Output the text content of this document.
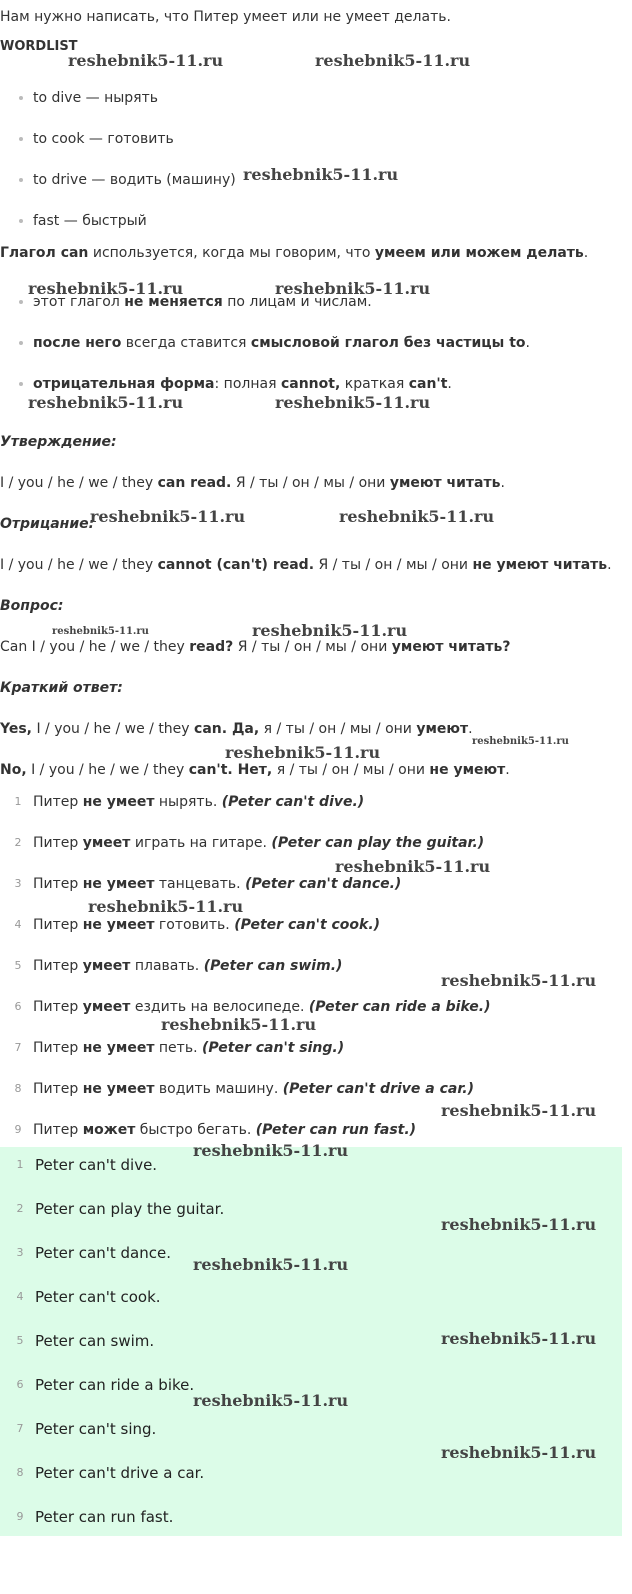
Нам нужно написать, что Питер умеет или не умеет делать.
WORDLIST
to dive — нырять
to cook — готовить
to drive — водить (машину)
fast — быстрый
Глагол can используется, когда мы говорим, что умеем или можем делать.
этот глагол не меняется по лицам и числам.
после него всегда ставится смысловой глагол без частицы to.
отрицательная форма: полная cannot, краткая can't.
Утверждение:
I / you / he / we / they can read. Я / ты / он / мы / они умеют читать.
Отрицание:
I / you / he / we / they cannot (can't) read. Я / ты / он / мы / они не умеют читать.
Вопрос:
Can I / you / he / we / they read? Я / ты / он / мы / они умеют читать?
Краткий ответ:
Yes, I / you / he / we / they can. Да, я / ты / он / мы / они умеют.
No, I / you / he / we / they can't. Нет, я / ты / он / мы / они не умеют.
1 Питер не умеет нырять. (Peter can't dive.)
2 Питер умеет играть на гитаре. (Peter can play the guitar.)
3 Питер не умеет танцевать. (Peter can't dance.)
4 Питер не умеет готовить. (Peter can't cook.)
5 Питер умеет плавать. (Peter can swim.)
6 Питер умеет ездить на велосипеде. (Peter can ride a bike.)
7 Питер не умеет петь. (Peter can't sing.)
8 Питер не умеет водить машину. (Peter can't drive a car.)
9 Питер может быстро бегать. (Peter can run fast.)
1 Peter can't dive.
2 Peter can play the guitar.
3 Peter can't dance.
4 Peter can't cook.
5 Peter can swim.
6 Peter can ride a bike.
7 Peter can't sing.
8 Peter can't drive a car.
9 Peter can run fast.
reshebnik5-11.ru	reshebnik5-11.ru
reshebnik5-11.ru
reshebnik5-11.ru	reshebnik5-11.ru
reshebnik5-11.ru	reshebnik5-11.ru
reshebnik5-11.ru	reshebnik5-11.ru
reshebnik5-11.ru	reshebnik5-11.ru
reshebnik5-11.ru
reshebnik5-11.ru
reshebnik5-11.ru
reshebnik5-11.ru
reshebnik5-11.ru
reshebnik5-11.ru
reshebnik5-11.ru
reshebnik5-11.ru
reshebnik5-11.ru
reshebnik5-11.ru
reshebnik5-11.ru
reshebnik5-11.ru
reshebnik5-11.ru
